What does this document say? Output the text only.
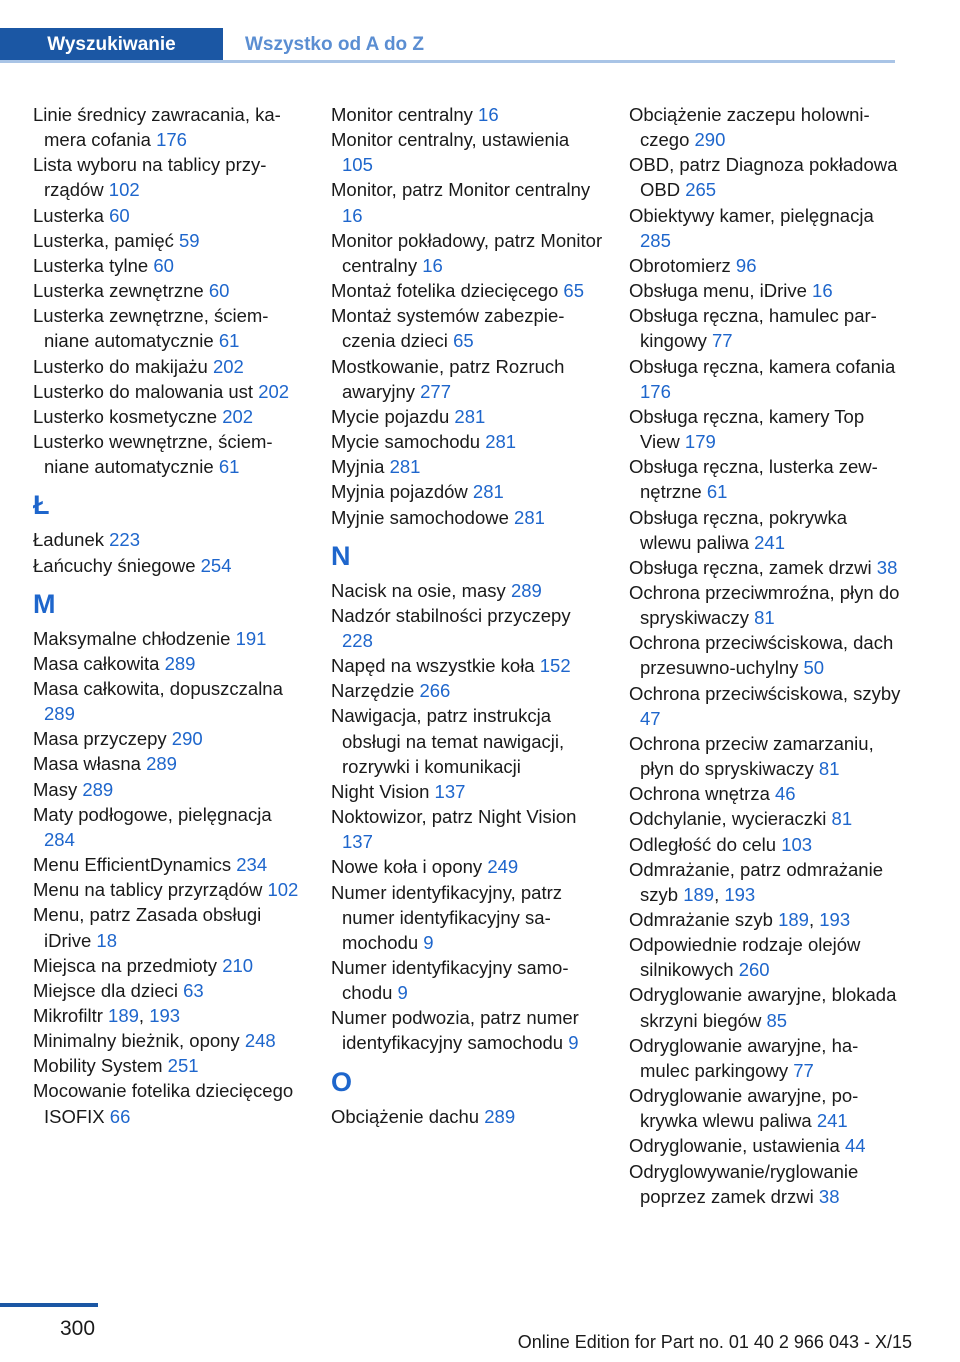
Wyszukiwanie	Wszystko od A do Z

Linie średnicy zawracania, kamera cofania 176

Lista wyboru na tablicy przyrządów 102

Lusterka 60

Lusterka, pamięć 59

Lusterka tylne 60

Lusterka zewnętrzne 60

Lusterka zewnętrzne, ściemniane automatycznie 61

Lusterko do makijażu 202

Lusterko do malowania ust 202

Lusterko kosmetyczne 202

Lusterko wewnętrzne, ściemniane automatycznie 61

Ł

Ładunek 223

Łańcuchy śniegowe 254

M

Maksymalne chłodzenie 191

Masa całkowita 289

Masa całkowita, dopuszczalna 289

Masa przyczepy 290

Masa własna 289

Masy 289

Maty podłogowe, pielęgnacja 284

Menu EfficientDynamics 234

Menu na tablicy przyrządów 102

Menu, patrz Zasada obsługi iDrive 18

Miejsca na przedmioty 210

Miejsce dla dzieci 63

Mikrofiltr 189, 193

Minimalny bieżnik, opony 248

Mobility System 251

Mocowanie fotelika dziecięcego ISOFIX 66

Monitor centralny 16

Monitor centralny, ustawienia 105

Monitor, patrz Monitor centralny 16

Monitor pokładowy, patrz Monitor centralny 16

Montaż fotelika dziecięcego 65

Montaż systemów zabezpieczenia dzieci 65

Mostkowanie, patrz Rozruch awaryjny 277

Mycie pojazdu 281

Mycie samochodu 281

Myjnia 281

Myjnia pojazdów 281

Myjnie samochodowe 281

N

Nacisk na osie, masy 289

Nadzór stabilności przyczepy 228

Napęd na wszystkie koła 152

Narzędzie 266

Nawigacja, patrz instrukcja obsługi na temat nawigacji, rozrywki i komunikacji

Night Vision 137

Noktowizor, patrz Night Vision 137

Nowe koła i opony 249

Numer identyfikacyjny, patrz numer identyfikacyjny samochodu 9

Numer identyfikacyjny samochodu 9

Numer podwozia, patrz numer identyfikacyjny samochodu 9

O

Obciążenie dachu 289

Obciążenie zaczepu holowniczego 290

OBD, patrz Diagnoza pokładowa OBD 265

Obiektywy kamer, pielęgnacja 285

Obrotomierz 96

Obsługa menu, iDrive 16

Obsługa ręczna, hamulec parkingowy 77

Obsługa ręczna, kamera cofania 176

Obsługa ręczna, kamery Top View 179

Obsługa ręczna, lusterka zewnętrzne 61

Obsługa ręczna, pokrywka wlewu paliwa 241

Obsługa ręczna, zamek drzwi 38

Ochrona przeciwmroźna, płyn do spryskiwaczy 81

Ochrona przeciwściskowa, dach przesuwno-uchylny 50

Ochrona przeciwściskowa, szyby 47

Ochrona przeciw zamarzaniu, płyn do spryskiwaczy 81

Ochrona wnętrza 46

Odchylanie, wycieraczki 81

Odległość do celu 103

Odmrażanie, patrz odmrażanie szyb 189, 193

Odmrażanie szyb 189, 193

Odpowiednie rodzaje olejów silnikowych 260

Odryglowanie awaryjne, blokada skrzyni biegów 85

Odryglowanie awaryjne, hamulec parkingowy 77

Odryglowanie awaryjne, pokrywka wlewu paliwa 241

Odryglowanie, ustawienia 44

Odryglowywanie/ryglowanie poprzez zamek drzwi 38

300
Online Edition for Part no. 01 40 2 966 043 - X/15
